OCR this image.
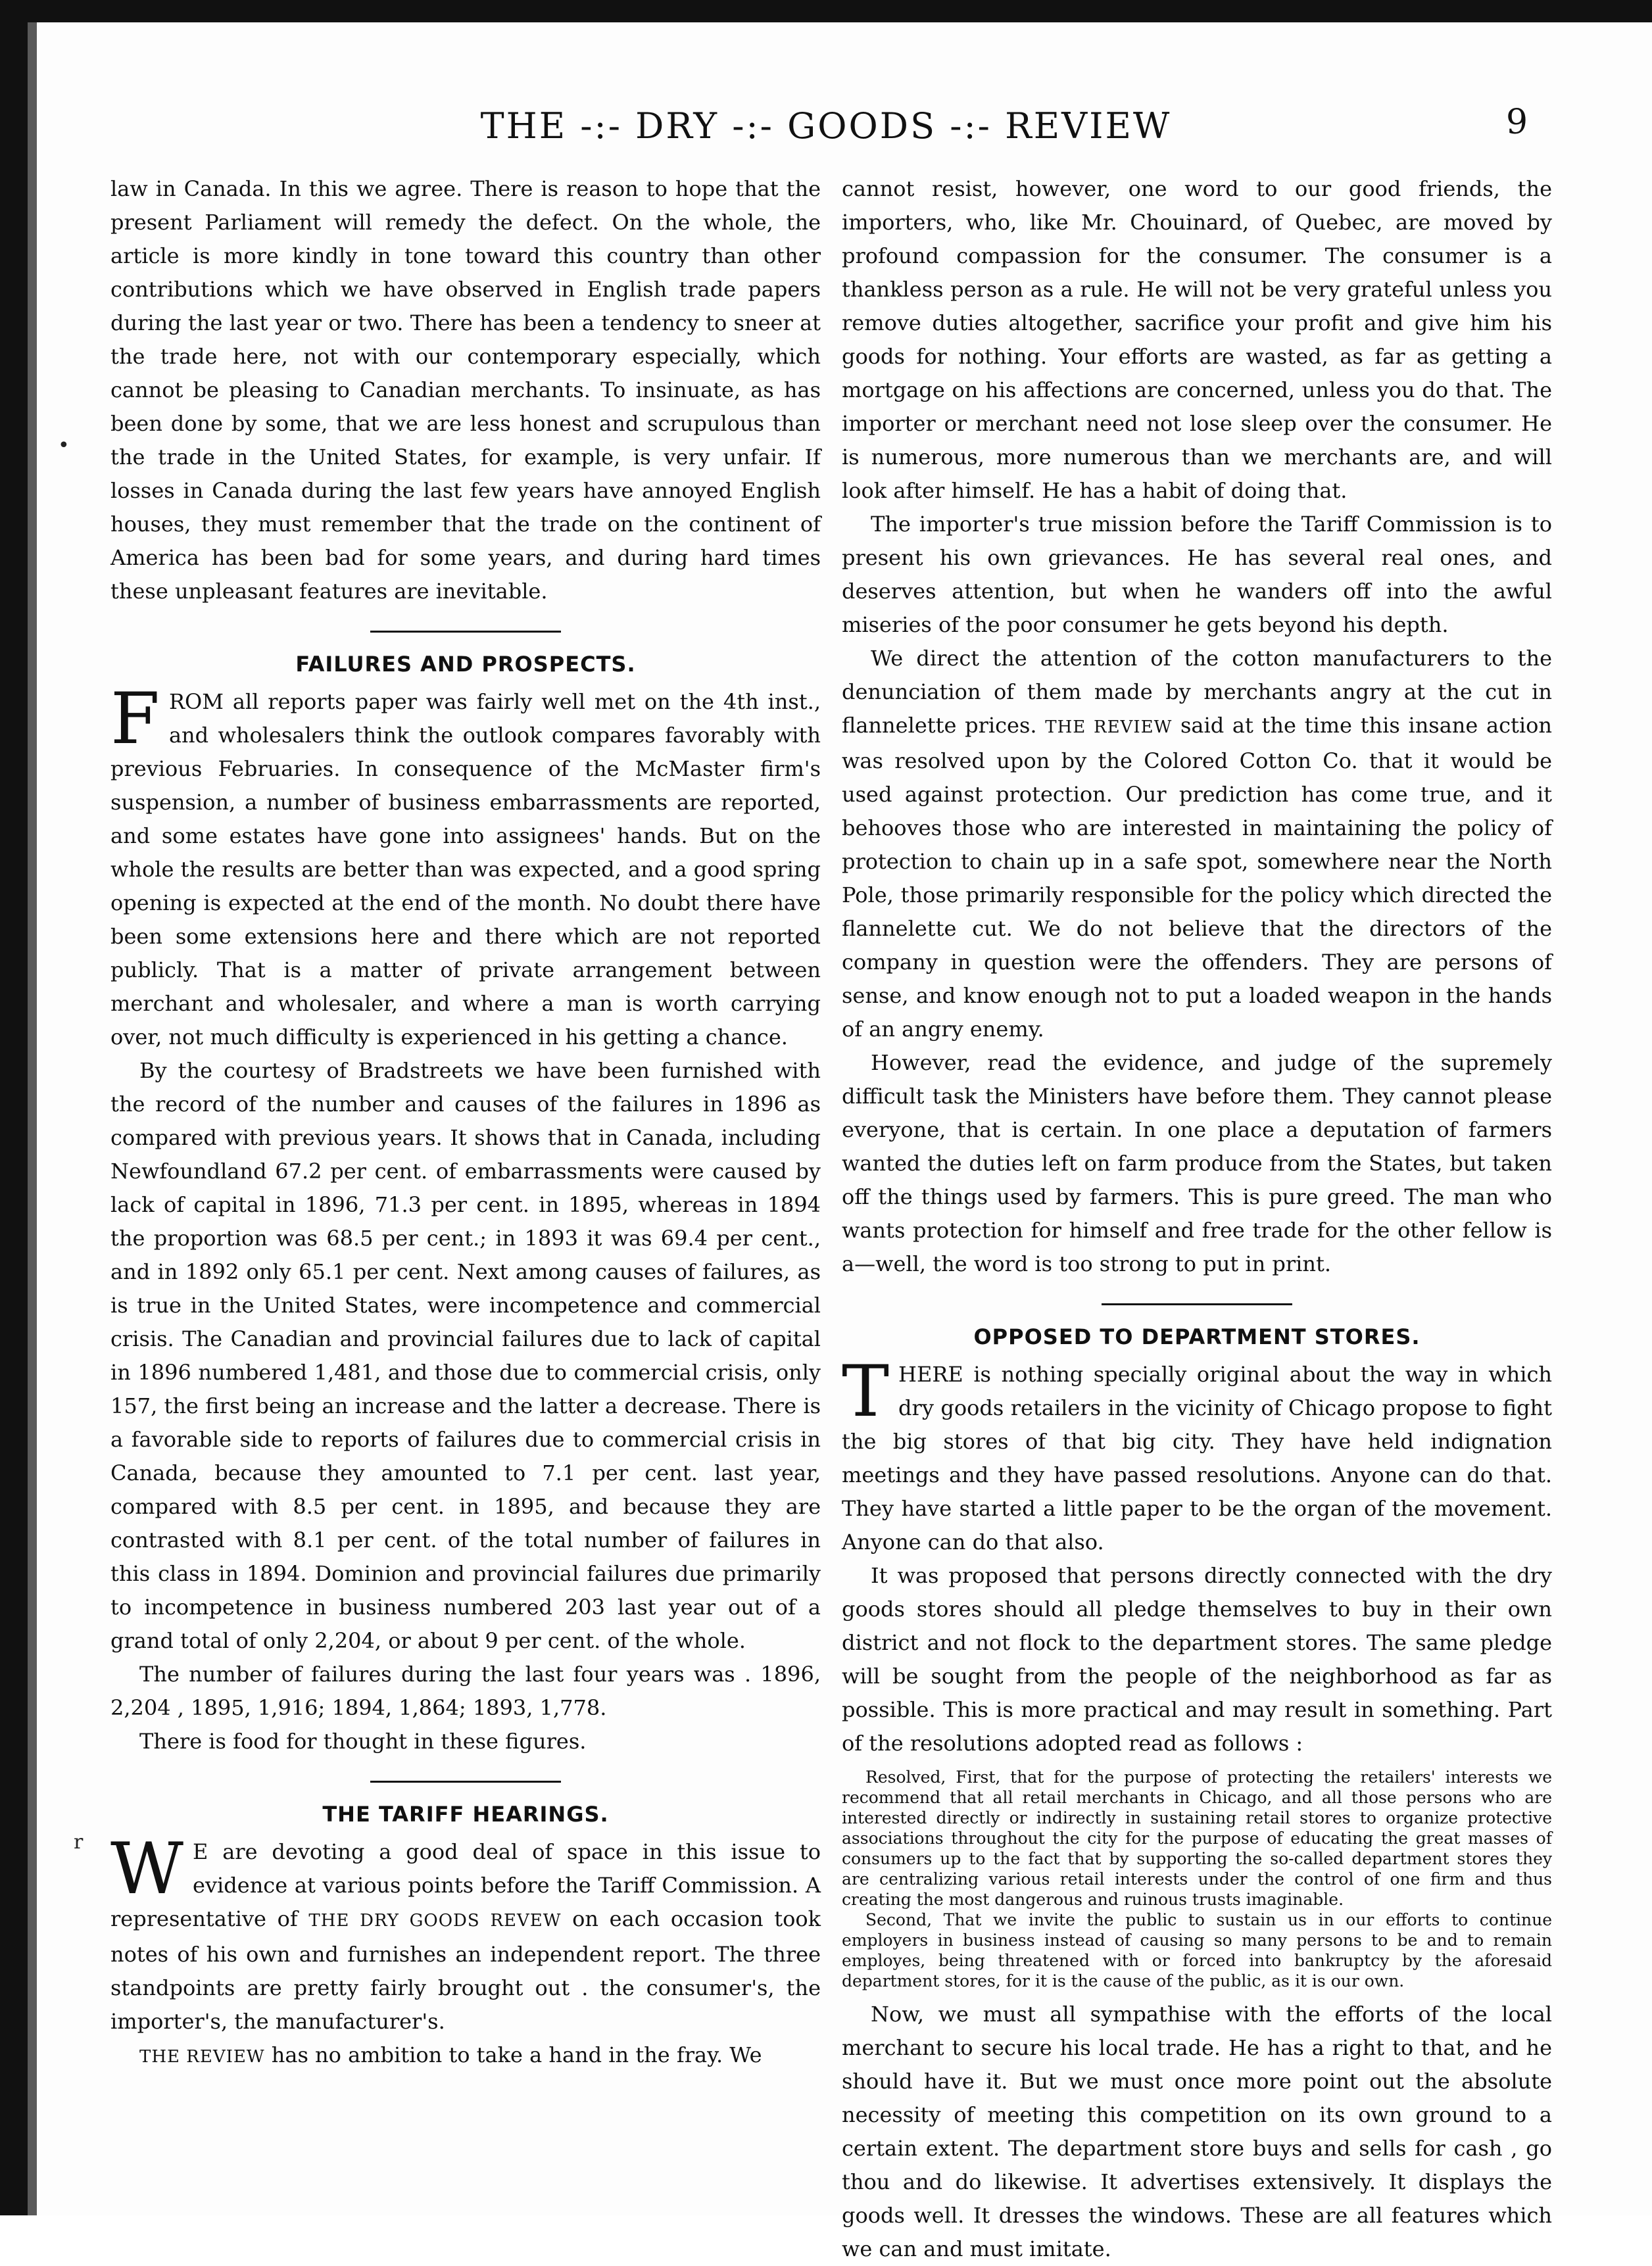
•
r
THE -:- DRY -:- GOODS -:- REVIEW	9

law in Canada. In this we agree. There is reason to hope that the present Parliament will remedy the defect. On the whole, the article is more kindly in tone toward this country than other contributions which we have observed in English trade papers during the last year or two. There has been a tendency to sneer at the trade here, not with our contemporary especially, which cannot be pleasing to Canadian merchants. To insinuate, as has been done by some, that we are less honest and scrupulous than the trade in the United States, for example, is very unfair. If losses in Canada during the last few years have annoyed English houses, they must remember that the trade on the continent of America has been bad for some years, and during hard times these unpleasant features are inevitable.

FAILURES AND PROSPECTS.

FROM all reports paper was fairly well met on the 4th inst., and wholesalers think the outlook compares favorably with previous Februaries. In consequence of the McMaster firm's suspension, a number of business embarrassments are reported, and some estates have gone into assignees' hands. But on the whole the results are better than was expected, and a good spring opening is expected at the end of the month. No doubt there have been some extensions here and there which are not reported publicly. That is a matter of private arrangement between merchant and wholesaler, and where a man is worth carrying over, not much difficulty is experienced in his getting a chance.

By the courtesy of Bradstreets we have been furnished with the record of the number and causes of the failures in 1896 as compared with previous years. It shows that in Canada, including Newfoundland 67.2 per cent. of embarrassments were caused by lack of capital in 1896, 71.3 per cent. in 1895, whereas in 1894 the proportion was 68.5 per cent.; in 1893 it was 69.4 per cent., and in 1892 only 65.1 per cent. Next among causes of failures, as is true in the United States, were incompetence and commercial crisis. The Canadian and provincial failures due to lack of capital in 1896 numbered 1,481, and those due to commercial crisis, only 157, the first being an increase and the latter a decrease. There is a favorable side to reports of failures due to commercial crisis in Canada, because they amounted to 7.1 per cent. last year, compared with 8.5 per cent. in 1895, and because they are contrasted with 8.1 per cent. of the total number of failures in this class in 1894. Dominion and provincial failures due primarily to incompetence in business numbered 203 last year out of a grand total of only 2,204, or about 9 per cent. of the whole.

The number of failures during the last four years was . 1896, 2,204 , 1895, 1,916; 1894, 1,864; 1893, 1,778.

There is food for thought in these figures.

THE TARIFF HEARINGS.

W E are devoting a good deal of space in this issue to evidence at various points before the Tariff Commission. A representative of THE DRY GOODS REVEW on each occasion took notes of his own and furnishes an independent report. The three standpoints are pretty fairly brought out . the consumer's, the importer's, the manufacturer's.

THE REVIEW has no ambition to take a hand in the fray. We

cannot resist, however, one word to our good friends, the importers, who, like Mr. Chouinard, of Quebec, are moved by profound compassion for the consumer. The consumer is a thankless person as a rule. He will not be very grateful unless you remove duties altogether, sacrifice your profit and give him his goods for nothing. Your efforts are wasted, as far as getting a mortgage on his affections are concerned, unless you do that. The importer or merchant need not lose sleep over the consumer. He is numerous, more numerous than we merchants are, and will look after himself. He has a habit of doing that.

The importer's true mission before the Tariff Commission is to present his own grievances. He has several real ones, and deserves attention, but when he wanders off into the awful miseries of the poor consumer he gets beyond his depth.

We direct the attention of the cotton manufacturers to the denunciation of them made by merchants angry at the cut in flannelette prices. THE REVIEW said at the time this insane action was resolved upon by the Colored Cotton Co. that it would be used against protection. Our prediction has come true, and it behooves those who are interested in maintaining the policy of protection to chain up in a safe spot, somewhere near the North Pole, those primarily responsible for the policy which directed the flannelette cut. We do not believe that the directors of the company in question were the offenders. They are persons of sense, and know enough not to put a loaded weapon in the hands of an angry enemy.

However, read the evidence, and judge of the supremely difficult task the Ministers have before them. They cannot please everyone, that is certain. In one place a deputation of farmers wanted the duties left on farm produce from the States, but taken off the things used by farmers. This is pure greed. The man who wants protection for himself and free trade for the other fellow is a—well, the word is too strong to put in print.

OPPOSED TO DEPARTMENT STORES.

THERE is nothing specially original about the way in which dry goods retailers in the vicinity of Chicago propose to fight the big stores of that big city. They have held indignation meetings and they have passed resolutions. Anyone can do that. They have started a little paper to be the organ of the movement. Anyone can do that also.

It was proposed that persons directly connected with the dry goods stores should all pledge themselves to buy in their own district and not flock to the department stores. The same pledge will be sought from the people of the neighborhood as far as possible. This is more practical and may result in something. Part of the resolutions adopted read as follows :

Resolved, First, that for the purpose of protecting the retailers' interests we recommend that all retail merchants in Chicago, and all those persons who are interested directly or indirectly in sustaining retail stores to organize protective associations throughout the city for the purpose of educating the great masses of consumers up to the fact that by supporting the so-called department stores they are centralizing various retail interests under the control of one firm and thus creating the most dangerous and ruinous trusts imaginable.

Second, That we invite the public to sustain us in our efforts to continue employers in business instead of causing so many persons to be and to remain employes, being threatened with or forced into bankruptcy by the aforesaid department stores, for it is the cause of the public, as it is our own.

Now, we must all sympathise with the efforts of the local merchant to secure his local trade. He has a right to that, and he should have it. But we must once more point out the absolute necessity of meeting this competition on its own ground to a certain extent. The department store buys and sells for cash , go thou and do likewise. It advertises extensively. It displays the goods well. It dresses the windows. These are all features which we can and must imitate.
